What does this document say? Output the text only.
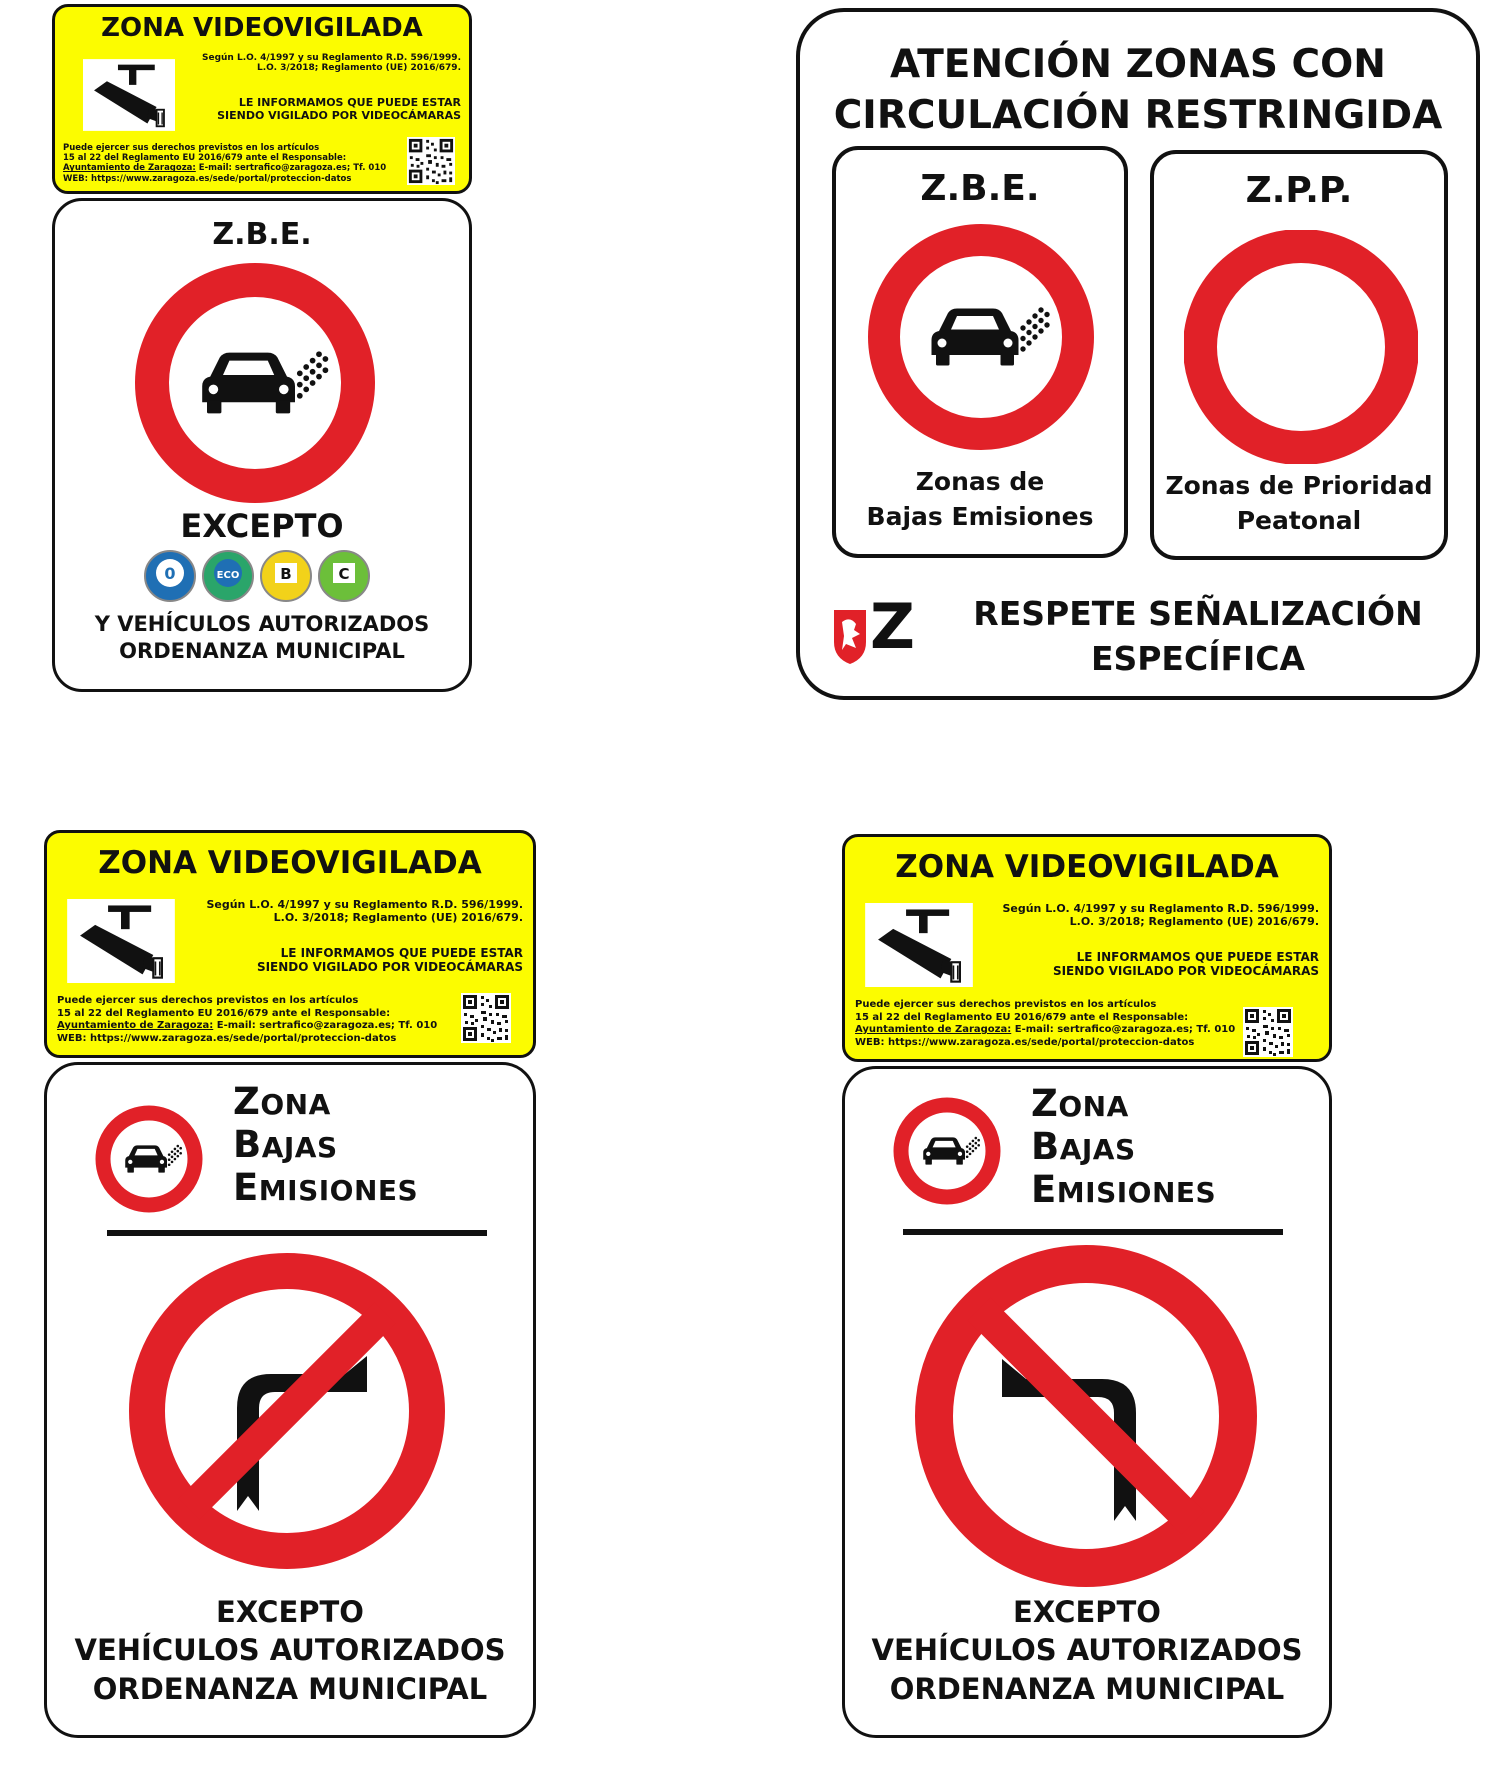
ZONA VIDEOVIGILADA
Según L.O. 4/1997 y su Reglamento R.D. 596/1999.
L.O. 3/2018; Reglamento (UE) 2016/679.
LE INFORMAMOS QUE PUEDE ESTAR
SIENDO VIGILADO POR VIDEOCÁMARAS
Puede ejercer sus derechos previstos en los artículos
15 al 22 del Reglamento EU 2016/679 ante el Responsable:
Ayuntamiento de Zaragoza: E-mail: sertrafico@zaragoza.es; Tf. 010
WEB: https://www.zaragoza.es/sede/portal/proteccion-datos
Z.B.E.
EXCEPTO
0	ECO	B	C
Y VEHÍCULOS AUTORIZADOS
ORDENANZA MUNICIPAL
ATENCIÓN ZONAS CON
CIRCULACIÓN RESTRINGIDA
Z.B.E.
Zonas de
Bajas Emisiones
Z.P.P.
Zonas de Prioridad
Peatonal
Z	RESPETE SEÑALIZACIÓN
ESPECÍFICA
ZONA VIDEOVIGILADA
Según L.O. 4/1997 y su Reglamento R.D. 596/1999.
L.O. 3/2018; Reglamento (UE) 2016/679.
LE INFORMAMOS QUE PUEDE ESTAR
SIENDO VIGILADO POR VIDEOCÁMARAS
Puede ejercer sus derechos previstos en los artículos
15 al 22 del Reglamento EU 2016/679 ante el Responsable:
Ayuntamiento de Zaragoza: E-mail: sertrafico@zaragoza.es; Tf. 010
WEB: https://www.zaragoza.es/sede/portal/proteccion-datos
ZONA
BAJAS
EMISIONES
EXCEPTO
VEHÍCULOS AUTORIZADOS
ORDENANZA MUNICIPAL
ZONA VIDEOVIGILADA
Según L.O. 4/1997 y su Reglamento R.D. 596/1999.
L.O. 3/2018; Reglamento (UE) 2016/679.
LE INFORMAMOS QUE PUEDE ESTAR
SIENDO VIGILADO POR VIDEOCÁMARAS
Puede ejercer sus derechos previstos en los artículos
15 al 22 del Reglamento EU 2016/679 ante el Responsable:
Ayuntamiento de Zaragoza: E-mail: sertrafico@zaragoza.es; Tf. 010
WEB: https://www.zaragoza.es/sede/portal/proteccion-datos
ZONA
BAJAS
EMISIONES
EXCEPTO
VEHÍCULOS AUTORIZADOS
ORDENANZA MUNICIPAL
